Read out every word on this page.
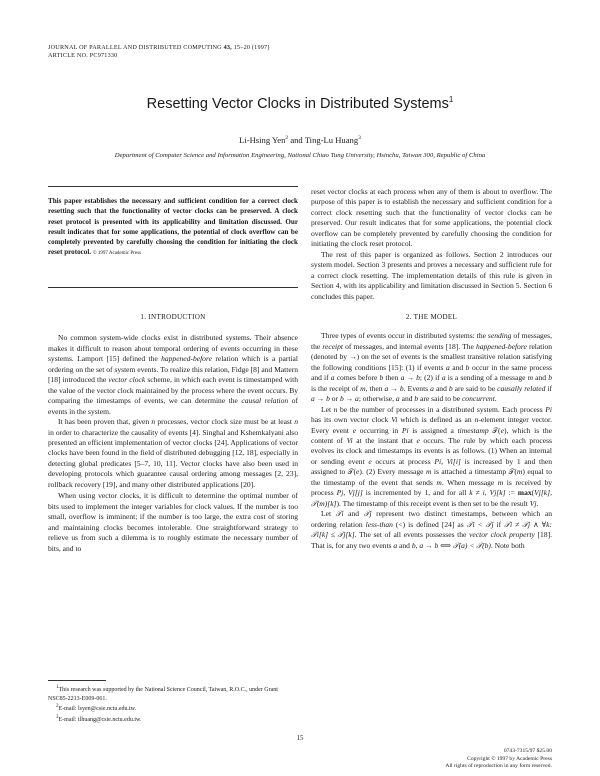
JOURNAL OF PARALLEL AND DISTRIBUTED COMPUTING 43, 15–20 (1997)
ARTICLE NO. PC971330
Resetting Vector Clocks in Distributed Systems$^1$
Li-Hsing Yen$^2$ and Ting-Lu Huang$^3$
Department of Computer Science and Information Engineering, National Chiao Tung University, Hsinchu, Taiwan 300, Republic of China
This paper establishes the necessary and sufficient condition for a correct clock resetting such that the functionality of vector clocks can be preserved. A clock reset protocol is presented with its applicability and limitation discussed. Our result indicates that for some applications, the potential of clock overflow can be completely prevented by carefully choosing the condition for initiating the clock reset protocol. © 1997 Academic Press
1. INTRODUCTION

No common system-wide clocks exist in distributed systems. Their absence makes it difficult to reason about temporal ordering of events occurring in these systems. Lamport [15] defined the happened-before relation which is a partial ordering on the set of system events. To realize this relation, Fidge [8] and Mattern [18] introduced the vector clock scheme, in which each event is timestamped with the value of the vector clock maintained by the process where the event occurs. By comparing the timestamps of events, we can determine the causal relation of events in the system.

It has been proven that, given n processes, vector clock size must be at least n in order to characterize the causality of events [4]. Singhal and Kshemkalyani also presented an efficient implementation of vector clocks [24]. Applications of vector clocks have been found in the field of distributed debugging [12, 18], especially in detecting global predicates [5–7, 10, 11]. Vector clocks have also been used in developing protocols which guarantee causal ordering among messages [2, 23], rollback recovery [19], and many other distributed applications [20].

When using vector clocks, it is difficult to determine the optimal number of bits used to implement the integer variables for clock values. If the number is too small, overflow is imminent; if the number is too large, the extra cost of storing and maintaining clocks becomes intolerable. One straightforward strategy to relieve us from such a dilemma is to roughly estimate the necessary number of bits, and to

$^1$This research was supported by the National Science Council, Taiwan, R.O.C., under Grant NSC85-2213-E009-061.

$^2$E-mail: lsyen@csie.nctu.edu.tw.

$^3$E-mail: tlhuang@csie.nctu.edu.tw.

reset vector clocks at each process when any of them is about to overflow. The purpose of this paper is to establish the necessary and sufficient condition for a correct clock resetting such that the functionality of vector clocks can be preserved. Our result indicates that for some applications, the potential clock overflow can be completely prevented by carefully choosing the condition for initiating the clock reset protocol.

The rest of this paper is organized as follows. Section 2 introduces our system model. Section 3 presents and proves a necessary and sufficient rule for a correct clock resetting. The implementation details of this rule is given in Section 4, with its applicability and limitation discussed in Section 5. Section 6 concludes this paper.

2. THE MODEL

Three types of events occur in distributed systems: the sending of messages, the receipt of messages, and internal events [18]. The happened-before relation (denoted by →) on the set of events is the smallest transitive relation satisfying the following conditions [15]: (1) if events a and b occur in the same process and if a comes before b then a → b; (2) if a is a sending of a message m and b is the receipt of m, then a → b. Events a and b are said to be causally related if a → b or b → a; otherwise, a and b are said to be concurrent.

Let n be the number of processes in a distributed system. Each process Pi has its own vector clock Vi which is defined as an n-element integer vector. Every event e occurring in Pi is assigned a timestamp 𝒯(e), which is the content of Vi at the instant that e occurs. The rule by which each process evolves its clock and timestamps its events is as follows. (1) When an internal or sending event e occurs at process Pi, Vi[i] is increased by 1 and then assigned to 𝒯(e). (2) Every message m is attached a timestamp 𝒯(m) equal to the timestamp of the event that sends m. When message m is received by process Pj, Vj[j] is incremented by 1, and for all k ≠ i, Vj[k] := max(Vj[k], 𝒯(m)[k]). The timestamp of this receipt event is then set to be the result Vj.

Let 𝒯i and 𝒯j represent two distinct timestamps, between which an ordering relation less-than (<) is defined [24] as 𝒯i < 𝒯j if 𝒯i ≠ 𝒯j ∧ ∀k: 𝒯i[k] ≤ 𝒯j[k]. The set of all events possesses the vector clock property [18]. That is, for any two events a and b, a → b ⟺ 𝒯(a) < 𝒯(b). Note both

15
0743-7315/97 $25.00
Copyright © 1997 by Academic Press
All rights of reproduction in any form reserved.
